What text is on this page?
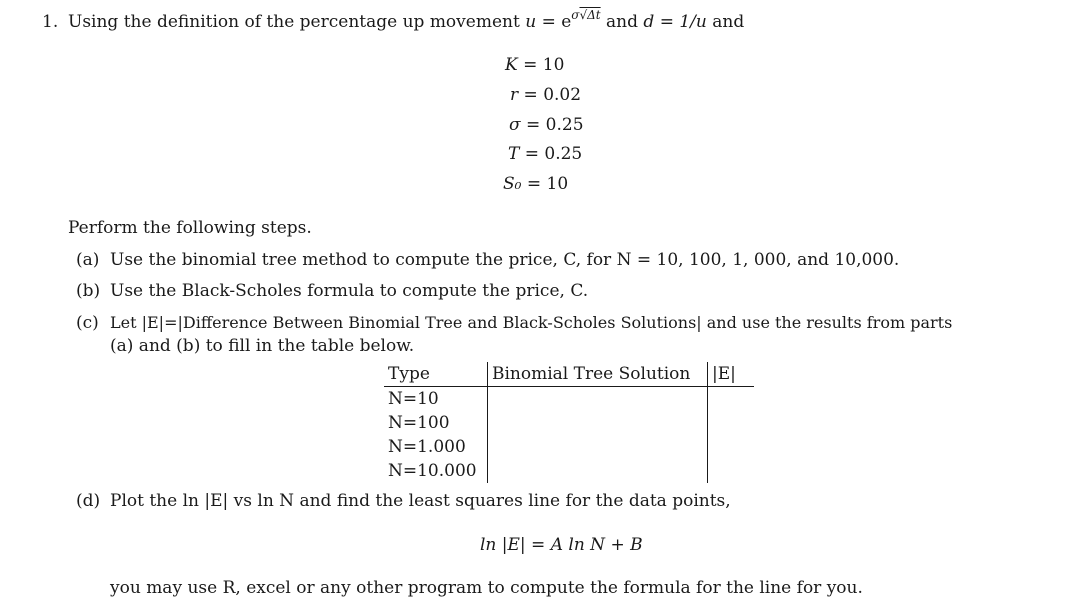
1. Using the definition of the percentage up movement $u = e^{\sigma√\Delta t}$ and d = 1/u and
K = 10
r = 0.02
σ = 0.25
T = 0.25
S₀ = 10
Perform the following steps.
(a) Use the binomial tree method to compute the price, C, for N = 10, 100, 1, 000, and 10,000.
(b) Use the Black-Scholes formula to compute the price, C.
(c) Let |E|=|Difference Between Binomial Tree and Black-Scholes Solutions| and use the results from parts
(a) and (b) to fill in the table below.
Type	Binomial Tree Solution	|E|
N=10		
N=100		
N=1.000		
N=10.000		
(d) Plot the ln |E| vs ln N and find the least squares line for the data points,
ln |E| = A ln N + B
you may use R, excel or any other program to compute the formula for the line for you.
